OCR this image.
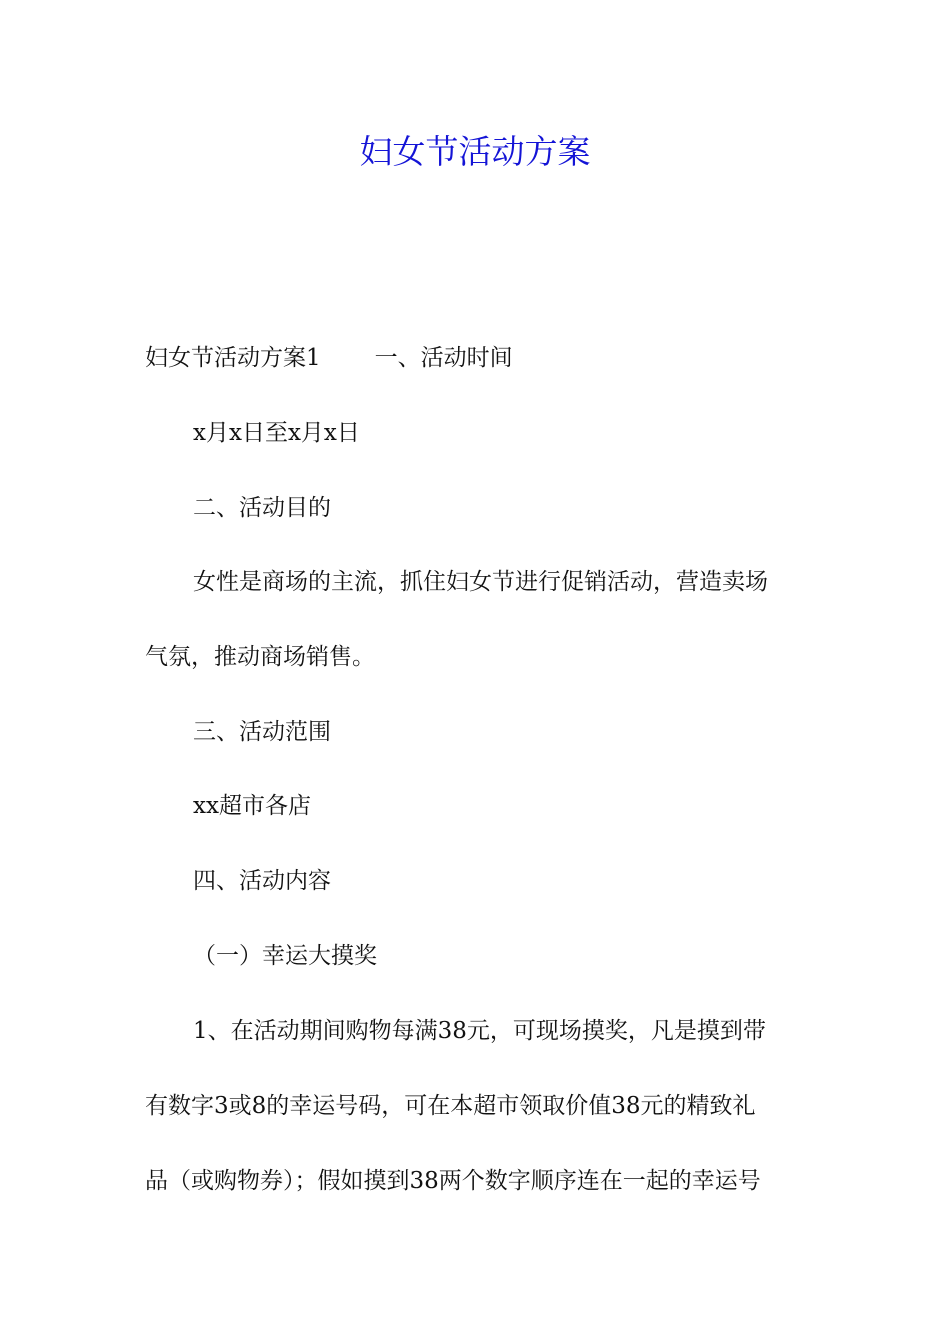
妇女节活动方案
妇女节活动方案1 一、活动时间
x月x日至x月x日
二、活动目的
女性是商场的主流，抓住妇女节进行促销活动，营造卖场
气氛，推动商场销售。
三、活动范围
xx超市各店
四、活动内容
（一）幸运大摸奖
1、在活动期间购物每满38元，可现场摸奖，凡是摸到带
有数字3或8的幸运号码，可在本超市领取价值38元的精致礼
品（或购物券）；假如摸到38两个数字顺序连在一起的幸运号
